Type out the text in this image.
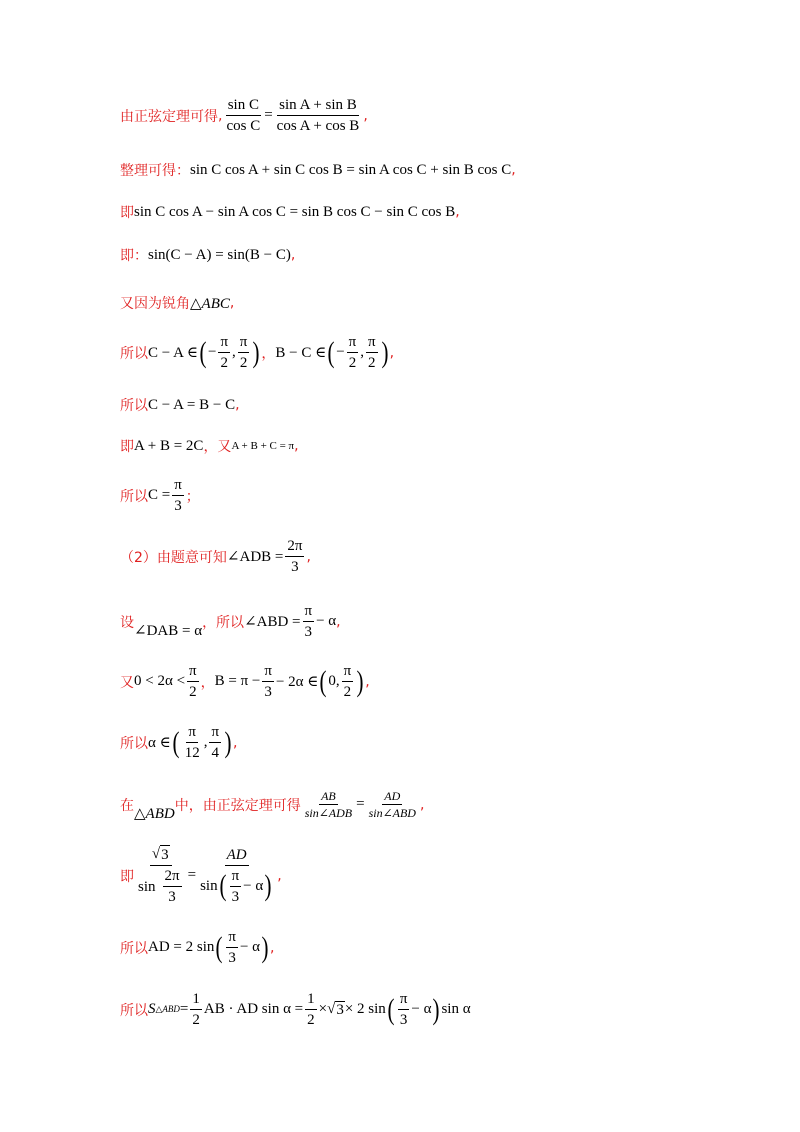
由正弦定理可得 , $\frac{\text{sin C}}{\text{cos C}} = \frac{\text{sin A + sin B}}{\text{cos A + cos B}}$ ,
整理可得： sin C cos A + sin C cos B = sin A cos C + sin B cos C ,
即 sin C cos A − sin A cos C = sin B cos C − sin C cos B ,
即： sin(C − A) = sin(B − C) ,
又因为锐角 △ABC ,
所以 C − A ∈ ( − $\frac{\pi}{2}$ , $\frac{\pi}{2}$ ) ， B − C ∈ ( − $\frac{\pi}{2}$ , $\frac{\pi}{2}$ ) ,
所以 C − A = B − C ,
即 A + B = 2C ，又 A + B + C = π ,
所以 $C = \frac{\pi}{3}$ ；
（2）由题意可知 ∠ADB = $\frac{2\pi}{3}$ ,
设
∠DAB = α
，所以 ∠ABD = $\frac{\pi}{3} - \alpha$ ,
又 $0 < 2\alpha < \frac{\pi}{2}$ ， $B = \pi - \frac{\pi}{3} - 2\alpha$ ∈ ( 0, $\frac{\pi}{2}$ ) ,
所以 α ∈ ( $\frac{\pi}{12}$ , $\frac{\pi}{4}$ ) ,
在
△ABD
中，由正弦定理可得 $\frac{AB}{\text{sin∠ADB}} = \frac{AD}{\text{sin∠ABD}}$ ,
即 $\frac{√ 3}{\sin \frac{2\pi}{3}} = \frac{AD}{\sin ( \frac{\pi}{3} - \alpha )}$ ,
所以 AD = 2 sin ( $\frac{\pi}{3} - \alpha$ ) ,
所以 S △ABD = $\frac{1}{2}$ AB · AD $\sin \alpha = \frac{1}{2}$ × √ 3 × 2 sin ( $\frac{\pi}{3} - \alpha$ ) sin α
